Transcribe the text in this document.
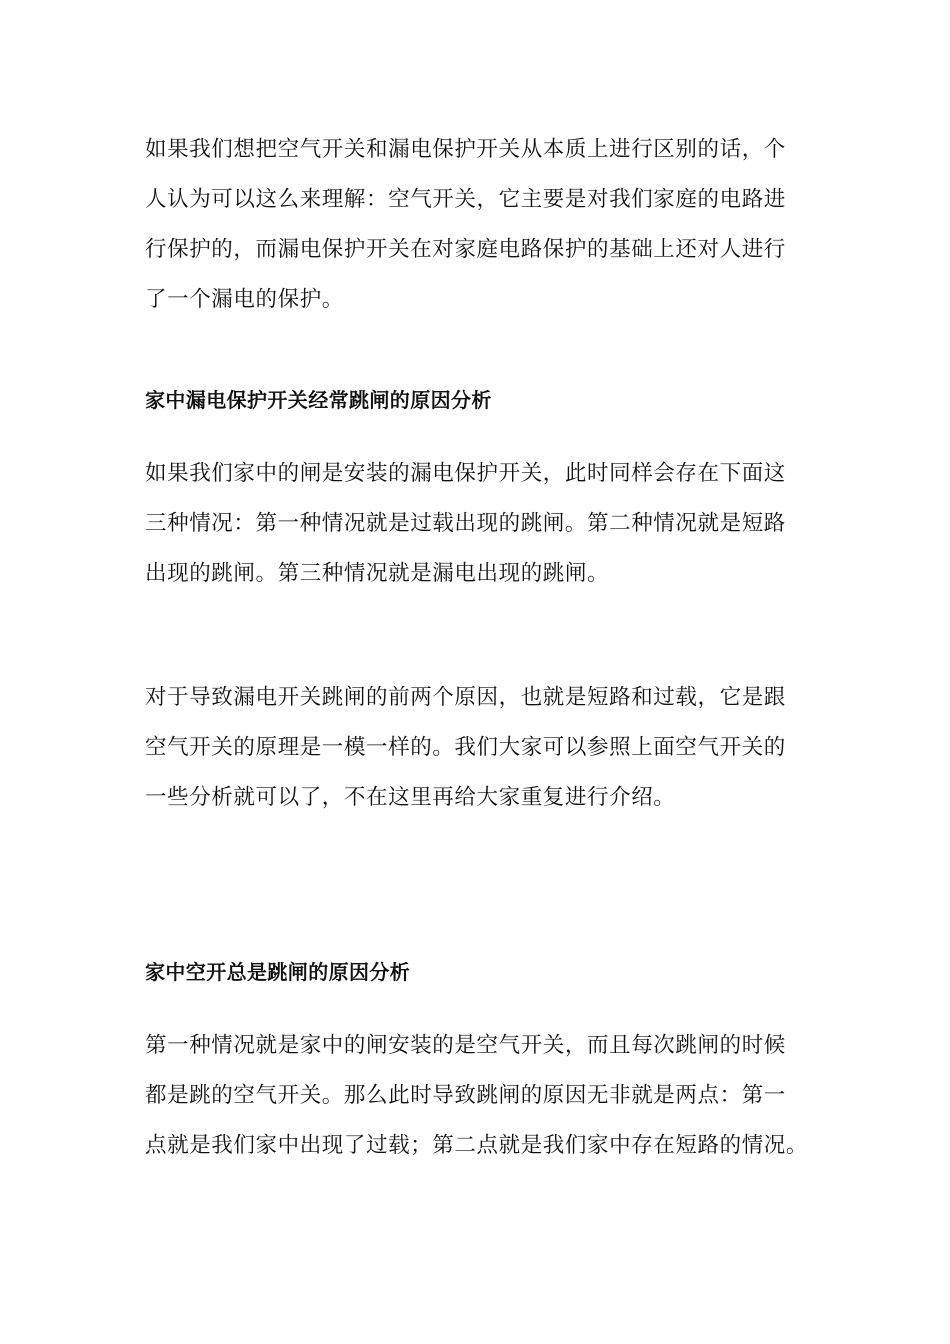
如果我们想把空气开关和漏电保护开关从本质上进行区别的话，个
人认为可以这么来理解：空气开关，它主要是对我们家庭的电路进
行保护的，而漏电保护开关在对家庭电路保护的基础上还对人进行
了一个漏电的保护。

家中漏电保护开关经常跳闸的原因分析

如果我们家中的闸是安装的漏电保护开关，此时同样会存在下面这
三种情况：第一种情况就是过载出现的跳闸。第二种情况就是短路
出现的跳闸。第三种情况就是漏电出现的跳闸。

对于导致漏电开关跳闸的前两个原因，也就是短路和过载，它是跟
空气开关的原理是一模一样的。我们大家可以参照上面空气开关的
一些分析就可以了，不在这里再给大家重复进行介绍。

家中空开总是跳闸的原因分析

第一种情况就是家中的闸安装的是空气开关，而且每次跳闸的时候
都是跳的空气开关。那么此时导致跳闸的原因无非就是两点：第一
点就是我们家中出现了过载；第二点就是我们家中存在短路的情况。
